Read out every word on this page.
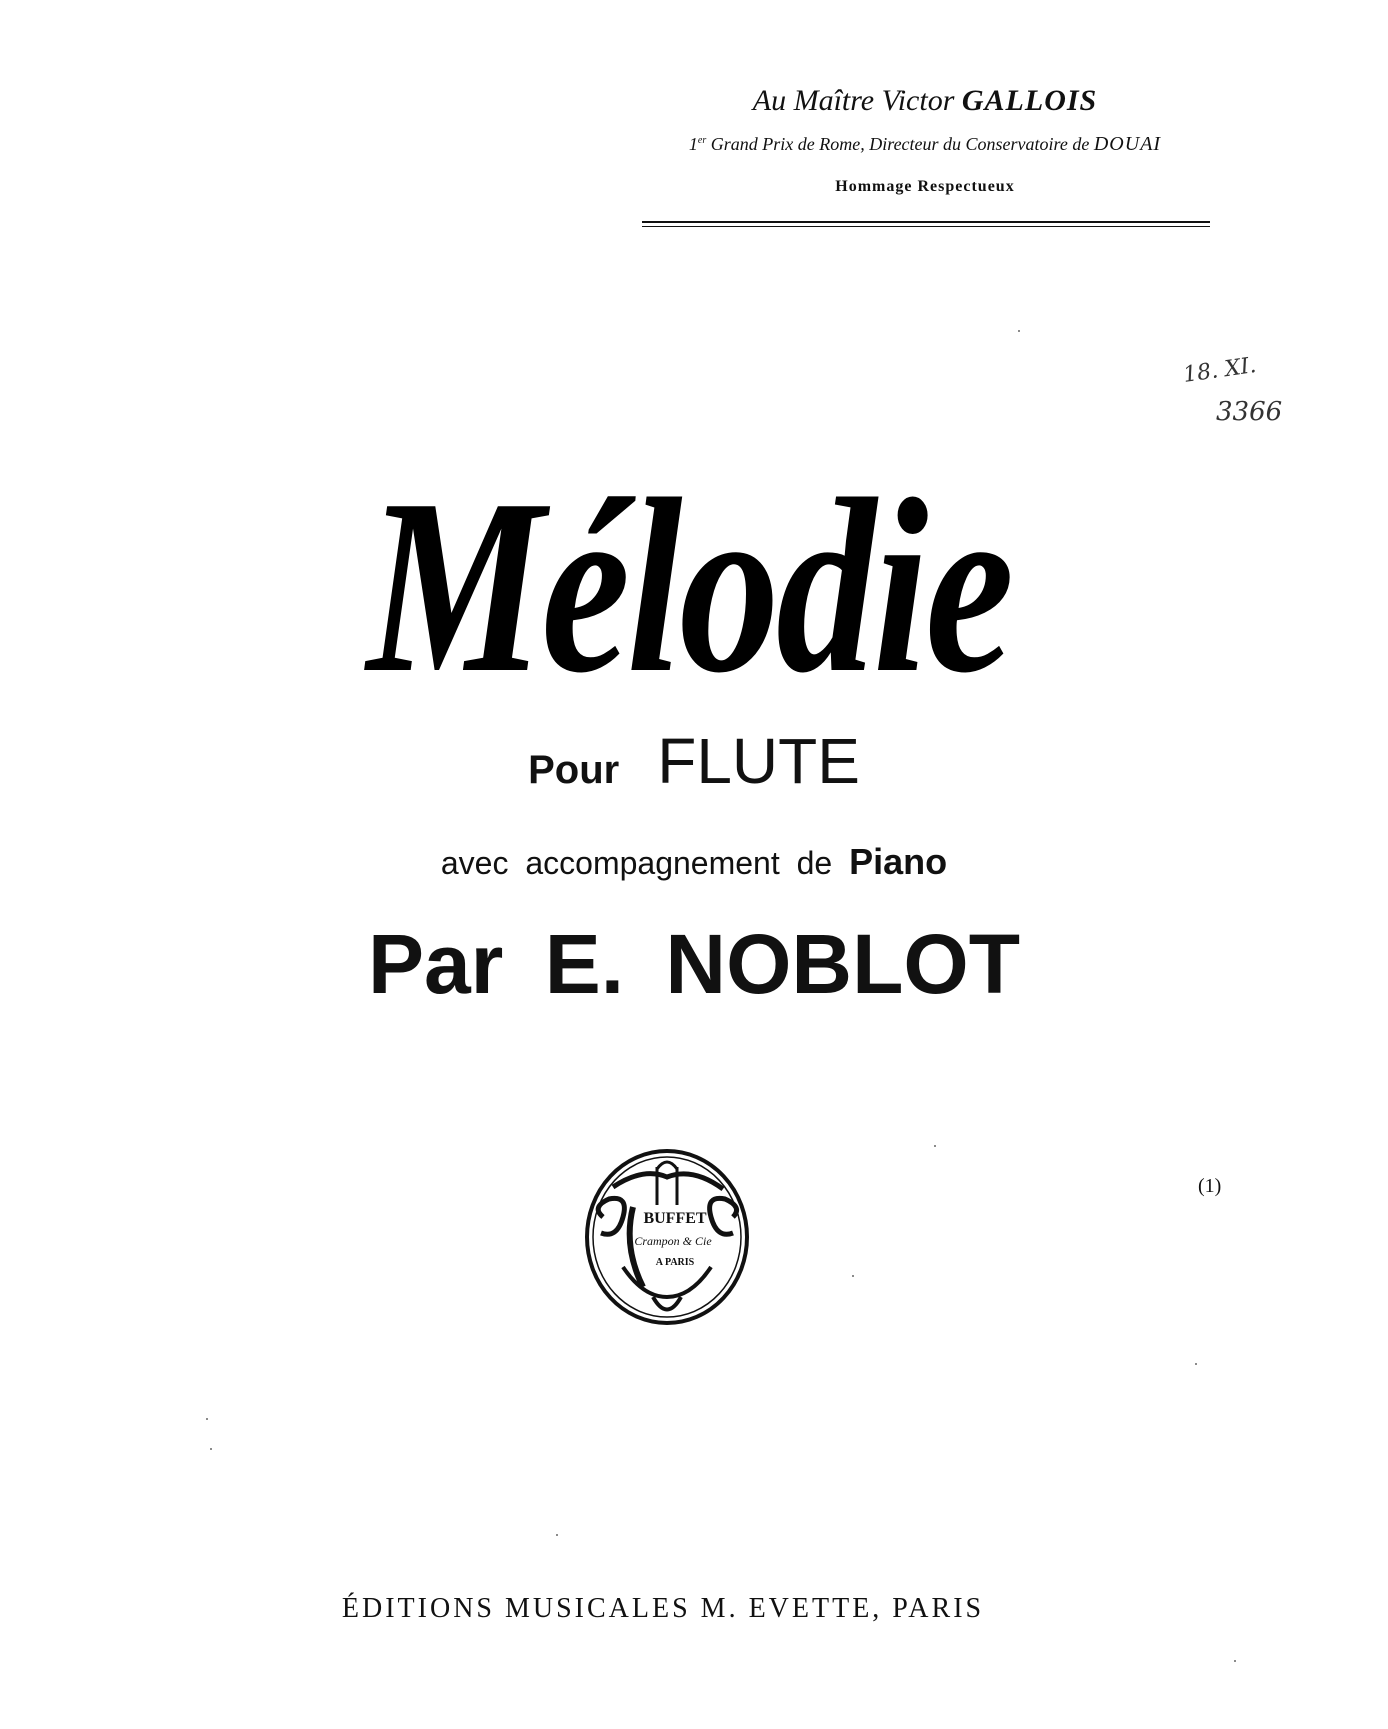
Au Maître Victor GALLOIS
1er Grand Prix de Rome, Directeur du Conservatoire de DOUAI
Hommage Respectueux
18. XI.
3366
Mélodie
Pour FLUTE
avec accompagnement de Piano
Par E. NOBLOT
BUFFET
Crampon & Cie
A PARIS
(1)
ÉDITIONS MUSICALES M. EVETTE, PARIS
